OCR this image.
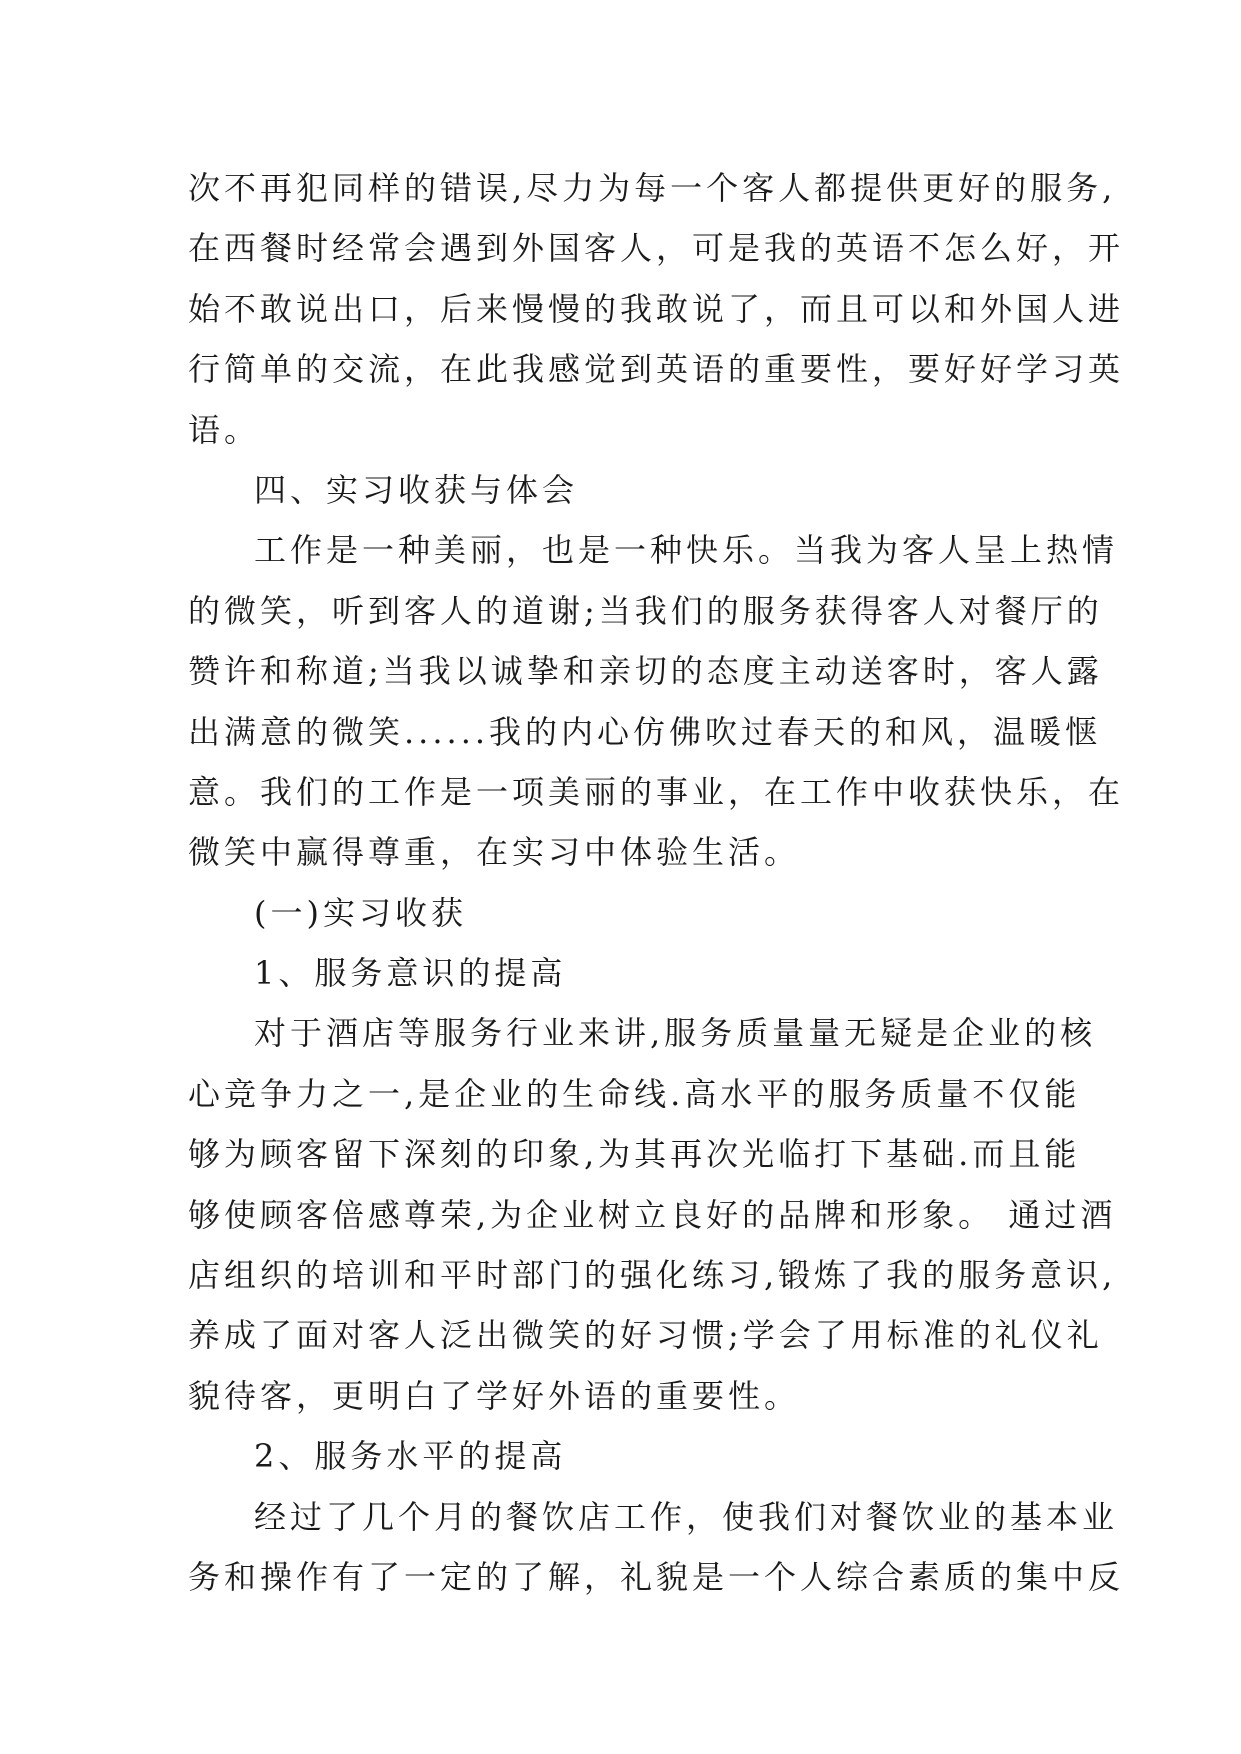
次不再犯同样的错误,尽力为每一个客人都提供更好的服务,
在西餐时经常会遇到外国客人，可是我的英语不怎么好，开
始不敢说出口，后来慢慢的我敢说了，而且可以和外国人进
行简单的交流，在此我感觉到英语的重要性，要好好学习英
语。
四、实习收获与体会
工作是一种美丽，也是一种快乐。当我为客人呈上热情
的微笑，听到客人的道谢;当我们的服务获得客人对餐厅的
赞许和称道;当我以诚挚和亲切的态度主动送客时，客人露
出满意的微笑......我的内心仿佛吹过春天的和风，温暖惬
意。我们的工作是一项美丽的事业，在工作中收获快乐，在
微笑中赢得尊重，在实习中体验生活。
(一)实习收获
1、服务意识的提高
对于酒店等服务行业来讲,服务质量量无疑是企业的核
心竞争力之一,是企业的生命线.高水平的服务质量不仅能
够为顾客留下深刻的印象,为其再次光临打下基础.而且能
够使顾客倍感尊荣,为企业树立良好的品牌和形象。 通过酒
店组织的培训和平时部门的强化练习,锻炼了我的服务意识,
养成了面对客人泛出微笑的好习惯;学会了用标准的礼仪礼
貌待客，更明白了学好外语的重要性。
2、服务水平的提高
经过了几个月的餐饮店工作，使我们对餐饮业的基本业
务和操作有了一定的了解，礼貌是一个人综合素质的集中反
